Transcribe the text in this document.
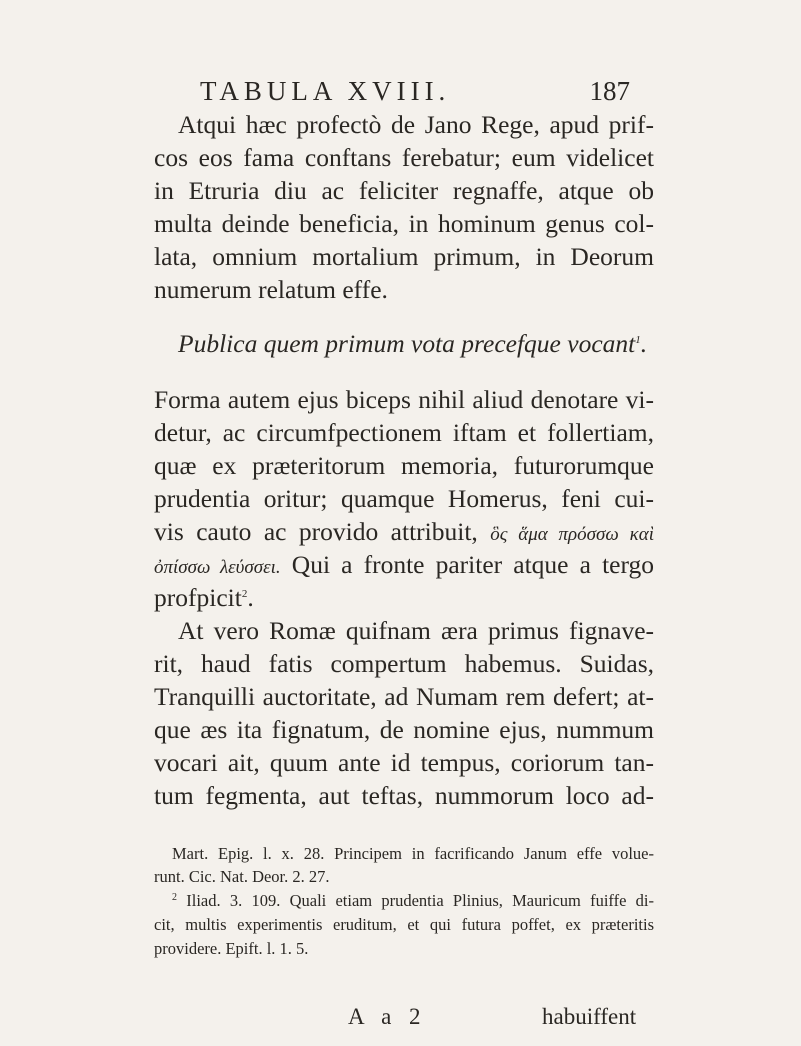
TABULA XVIII.	187
Atqui hæc profectò de Jano Rege, apud prif-
cos eos fama conftans ferebatur; eum videlicet
in Etruria diu ac feliciter regnaffe, atque ob
multa deinde beneficia, in hominum genus col-
lata, omnium mortalium primum, in Deorum
numerum relatum effe.
Publica quem primum vota precefque vocant$^1$.
Forma autem ejus biceps nihil aliud denotare vi-
detur, ac circumfpectionem iftam et follertiam,
quæ ex præteritorum memoria, futurorumque
prudentia oritur; quamque Homerus, feni cui-
vis cauto ac provido attribuit, ὃς ἅμα πρόσσω καὶ
ὀπίσσω λεύσσει. Qui a fronte pariter atque a tergo
profpicit$^2$.
At vero Romæ quifnam æra primus fignave-
rit, haud fatis compertum habemus. Suidas,
Tranquilli auctoritate, ad Numam rem defert; at-
que æs ita fignatum, de nomine ejus, nummum
vocari ait, quum ante id tempus, coriorum tan-
tum fegmenta, aut teftas, nummorum loco ad-
Mart. Epig. l. x. 28. Principem in facrificando Janum effe volue-
runt. Cic. Nat. Deor. 2. 27.
$^2$ Iliad. 3. 109. Quali etiam prudentia Plinius, Mauricum fuiffe di-
cit, multis experimentis eruditum, et qui futura poffet, ex præteritis
providere. Epift. l. 1. 5.
A a 2	habuiffent
